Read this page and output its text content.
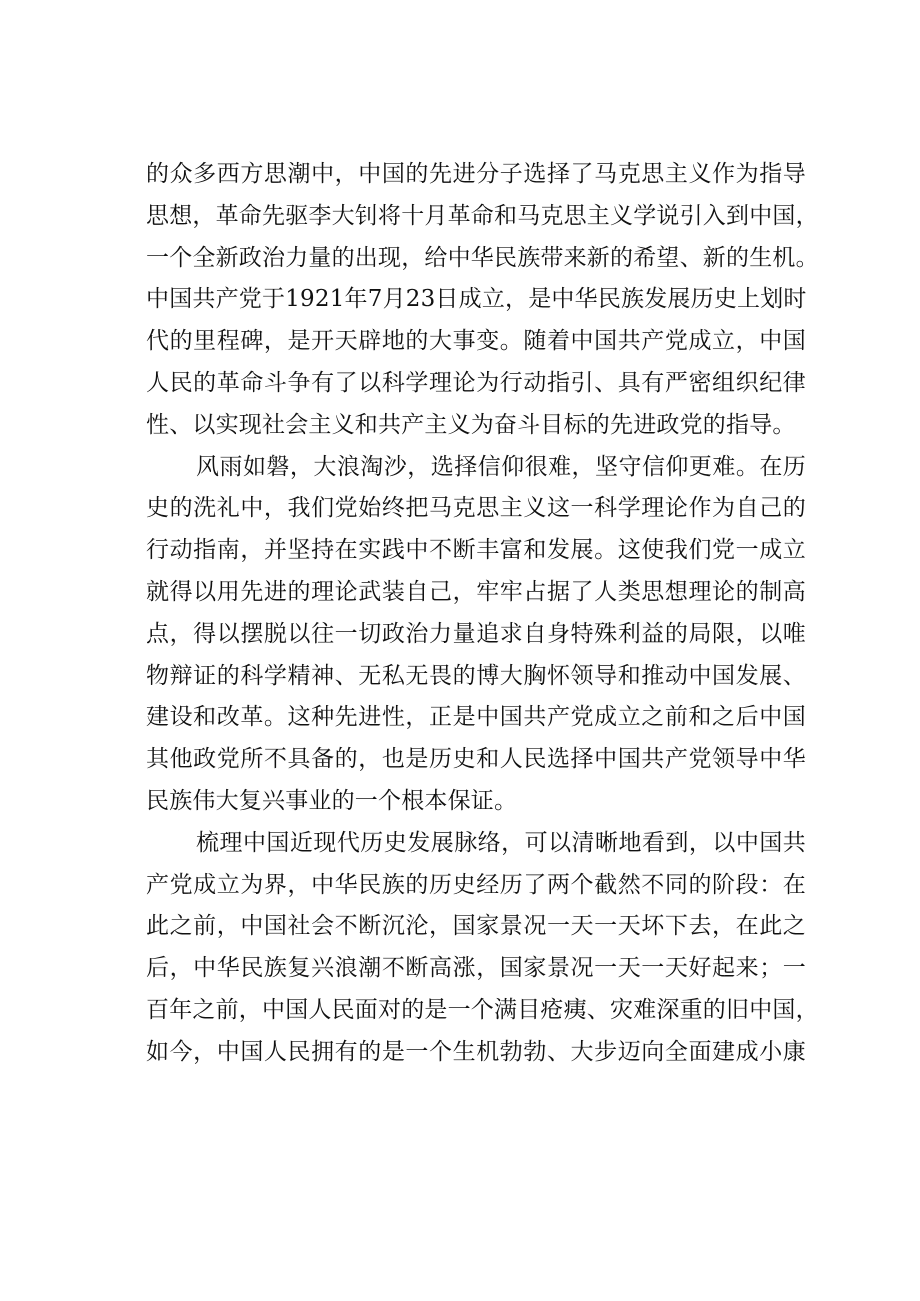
的众多西方思潮中，中国的先进分子选择了马克思主义作为指导
思想，革命先驱李大钊将十月革命和马克思主义学说引入到中国，
一个全新政治力量的出现，给中华民族带来新的希望、新的生机。
中国共产党于1921年7月23日成立，是中华民族发展历史上划时
代的里程碑，是开天辟地的大事变。随着中国共产党成立，中国
人民的革命斗争有了以科学理论为行动指引、具有严密组织纪律
性、以实现社会主义和共产主义为奋斗目标的先进政党的指导。

风雨如磐，大浪淘沙，选择信仰很难，坚守信仰更难。在历
史的洗礼中，我们党始终把马克思主义这一科学理论作为自己的
行动指南，并坚持在实践中不断丰富和发展。这使我们党一成立
就得以用先进的理论武装自己，牢牢占据了人类思想理论的制高
点，得以摆脱以往一切政治力量追求自身特殊利益的局限，以唯
物辩证的科学精神、无私无畏的博大胸怀领导和推动中国发展、
建设和改革。这种先进性，正是中国共产党成立之前和之后中国
其他政党所不具备的，也是历史和人民选择中国共产党领导中华
民族伟大复兴事业的一个根本保证。

梳理中国近现代历史发展脉络，可以清晰地看到，以中国共
产党成立为界，中华民族的历史经历了两个截然不同的阶段：在
此之前，中国社会不断沉沦，国家景况一天一天坏下去，在此之
后，中华民族复兴浪潮不断高涨，国家景况一天一天好起来；一
百年之前，中国人民面对的是一个满目疮痍、灾难深重的旧中国，
如今，中国人民拥有的是一个生机勃勃、大步迈向全面建成小康
